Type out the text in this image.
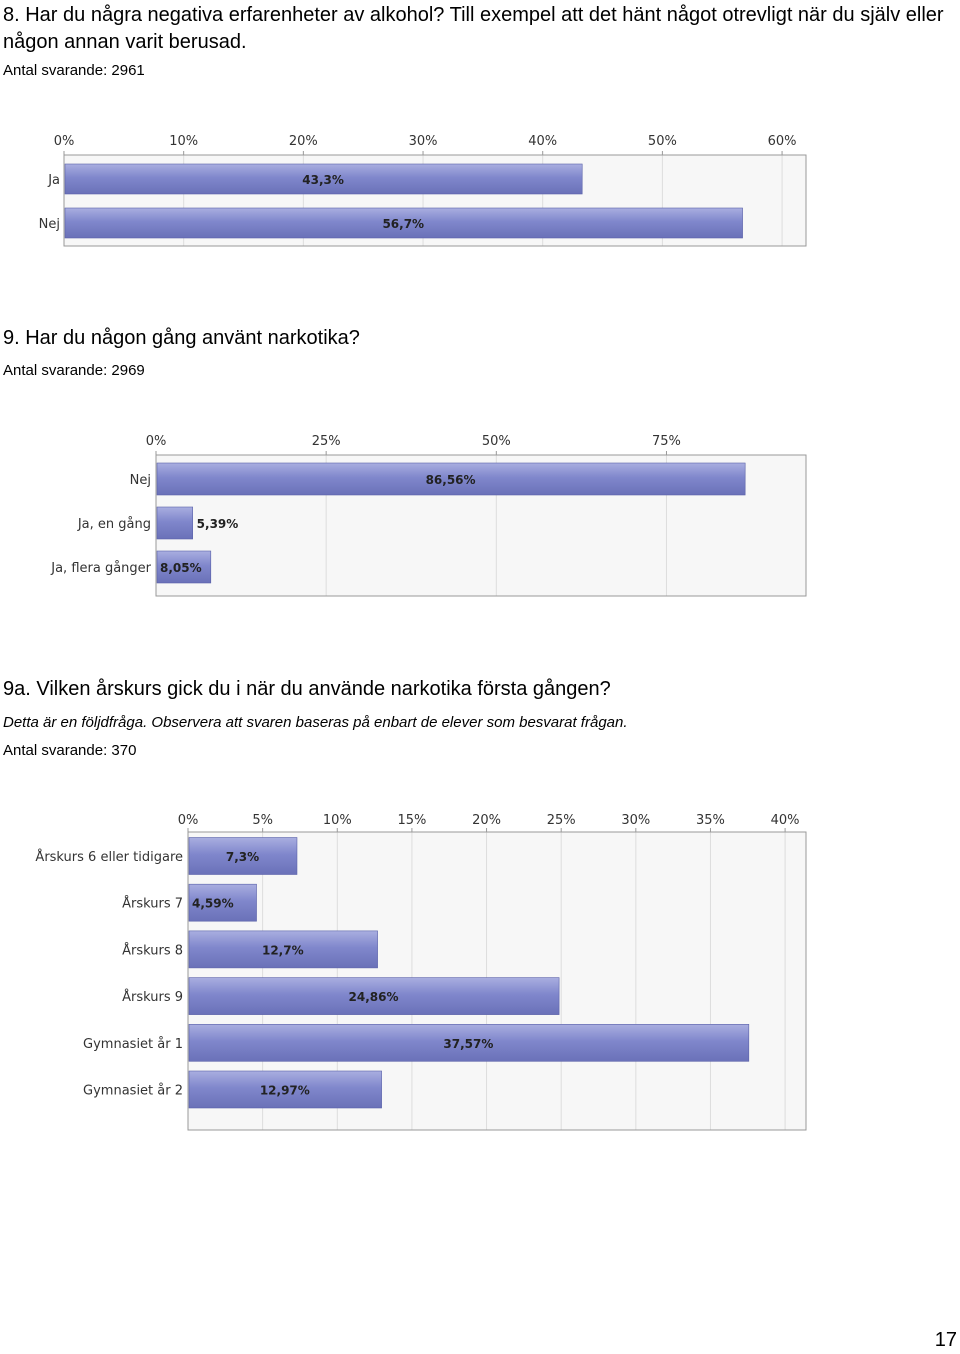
8. Har du några negativa erfarenheter av alkohol? Till exempel att det hänt något otrevligt när du själv eller någon annan varit berusad.
Antal svarande: 2961
9. Har du någon gång använt narkotika?
Antal svarande: 2969
9a. Vilken årskurs gick du i när du använde narkotika första gången?
Detta är en följdfråga. Observera att svaren baseras på enbart de elever som besvarat frågan.
Antal svarande: 370
0%	10%	20%	30%	40%	50%	60%
Ja	43,3%
Nej	56,7%
0%	25%	50%	75%
Nej	86,56%
Ja, en gång	5,39%
Ja, flera gånger 8,05%
0%	5%	10%	15%	20%	25%	30%	35%	40%
Årskurs 6 eller tidigare	7,3%
Årskurs 7 4,59%
Årskurs 8	12,7%
Årskurs 9	24,86%
Gymnasiet år 1	37,57%
Gymnasiet år 2	12,97%
17
